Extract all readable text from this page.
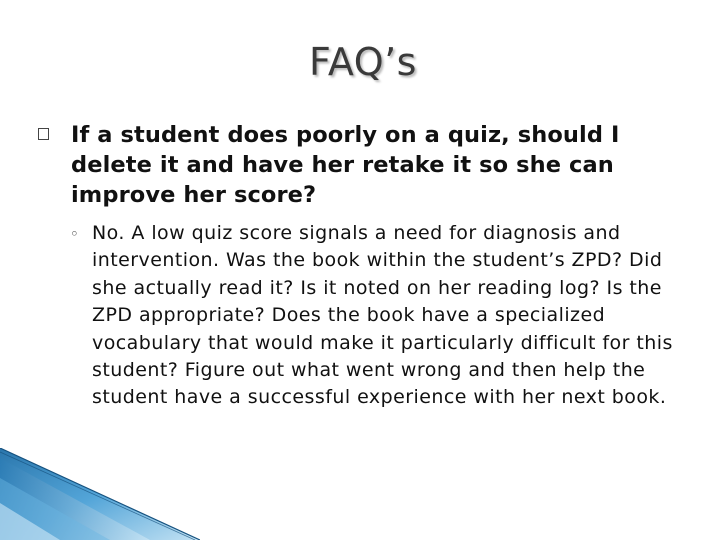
FAQ’s
If a student does poorly on a quiz, should I delete it and have her retake it so she can improve her score?
◦ No. A low quiz score signals a need for diagnosis and intervention. Was the book within the student’s ZPD? Did she actually read it? Is it noted on her reading log? Is the ZPD appropriate? Does the book have a specialized vocabulary that would make it particularly difficult for this student? Figure out what went wrong and then help the student have a successful experience with her next book.
